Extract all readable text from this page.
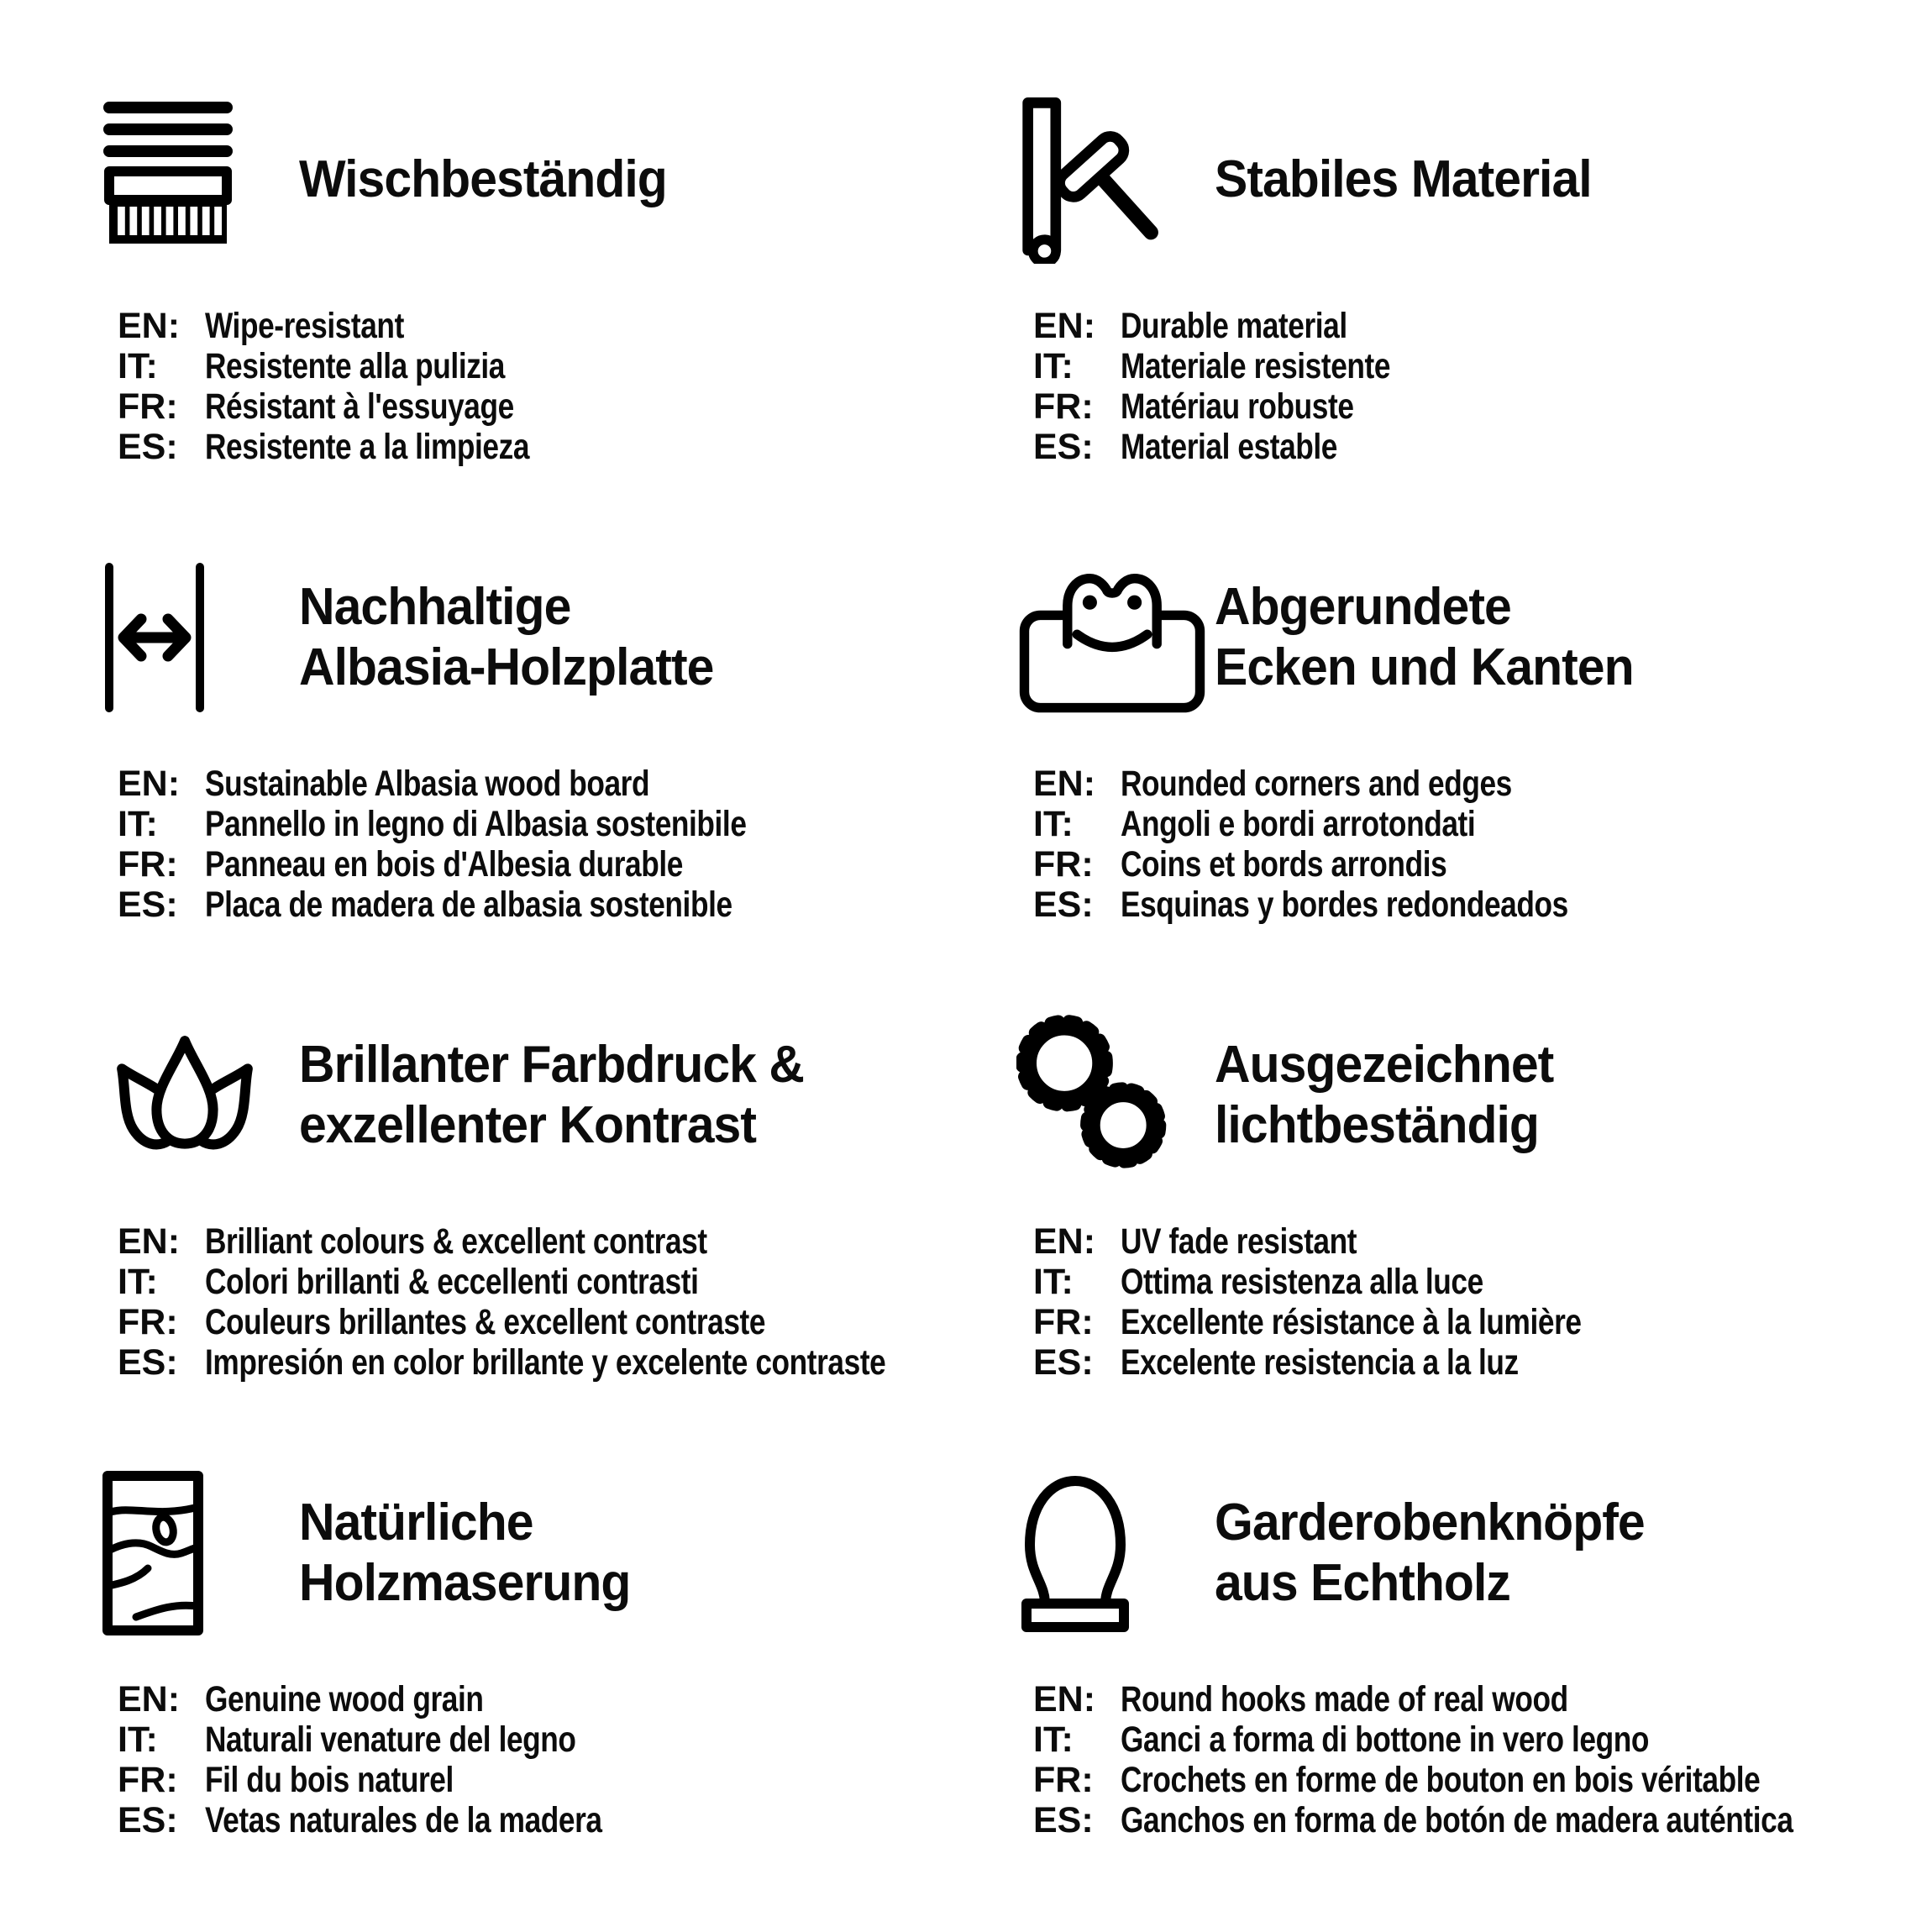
Wischbeständig
EN: Wipe-resistant
IT:	Resistente alla pulizia
FR: Résistant à l'essuyage
ES: Resistente a la limpieza
Stabiles Material
EN: Durable material
IT:	Materiale resistente
FR: Matériau robuste
ES: Material estable
Nachhaltige
Albasia-Holzplatte
EN: Sustainable Albasia wood board
IT:	Pannello in legno di Albasia sostenibile
FR: Panneau en bois d'Albesia durable
ES: Placa de madera de albasia sostenible
Abgerundete
Ecken und Kanten
EN: Rounded corners and edges
IT:	Angoli e bordi arrotondati
FR: Coins et bords arrondis
ES: Esquinas y bordes redondeados
Brillanter Farbdruck &
exzellenter Kontrast
EN: Brilliant colours & excellent contrast
IT:	Colori brillanti & eccellenti contrasti
FR: Couleurs brillantes & excellent contraste
ES: Impresión en color brillante y excelente contraste
Ausgezeichnet
lichtbeständig
EN: UV fade resistant
IT:	Ottima resistenza alla luce
FR: Excellente résistance à la lumière
ES: Excelente resistencia a la luz
Natürliche
Holzmaserung
EN: Genuine wood grain
IT:	Naturali venature del legno
FR: Fil du bois naturel
ES: Vetas naturales de la madera
Garderobenknöpfe
aus Echtholz
EN: Round hooks made of real wood
IT:	Ganci a forma di bottone in vero legno
FR: Crochets en forme de bouton en bois véritable
ES: Ganchos en forma de botón de madera auténtica
